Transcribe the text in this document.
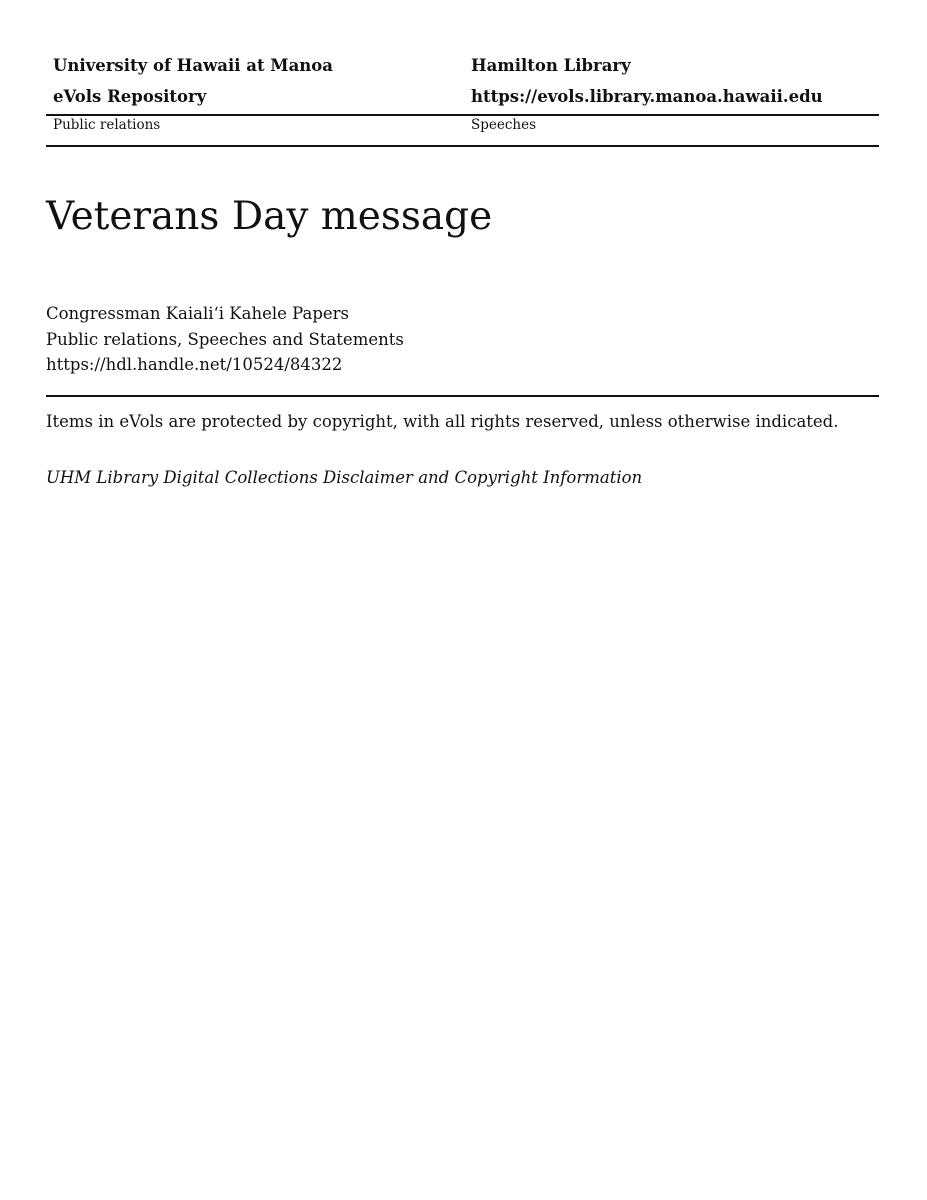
University of Hawaii at Manoa	Hamilton Library
eVols Repository	https://evols.library.manoa.hawaii.edu
Public relations	Speeches
Veterans Day message
Congressman Kaiali‘i Kahele Papers
Public relations, Speeches and Statements
https://hdl.handle.net/10524/84322
Items in eVols are protected by copyright, with all rights reserved, unless otherwise indicated.
UHM Library Digital Collections Disclaimer and Copyright Information
